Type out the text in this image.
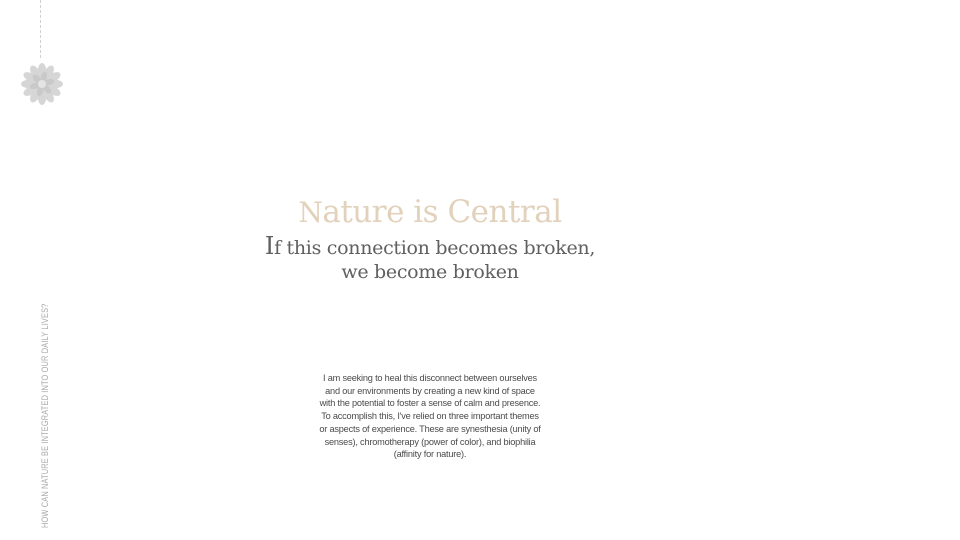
HOW CAN NATURE BE INTEGRATED INTO OUR DAILY LIVES?
Nature is Central
If this connection becomes broken,
we become broken
I am seeking to heal this disconnect between ourselves and our environments by creating a new kind of space with the potential to foster a sense of calm and presence. To accomplish this, I've relied on three important themes or aspects of experience. These are synesthesia (unity of senses), chromotherapy (power of color), and biophilia (affinity for nature).
